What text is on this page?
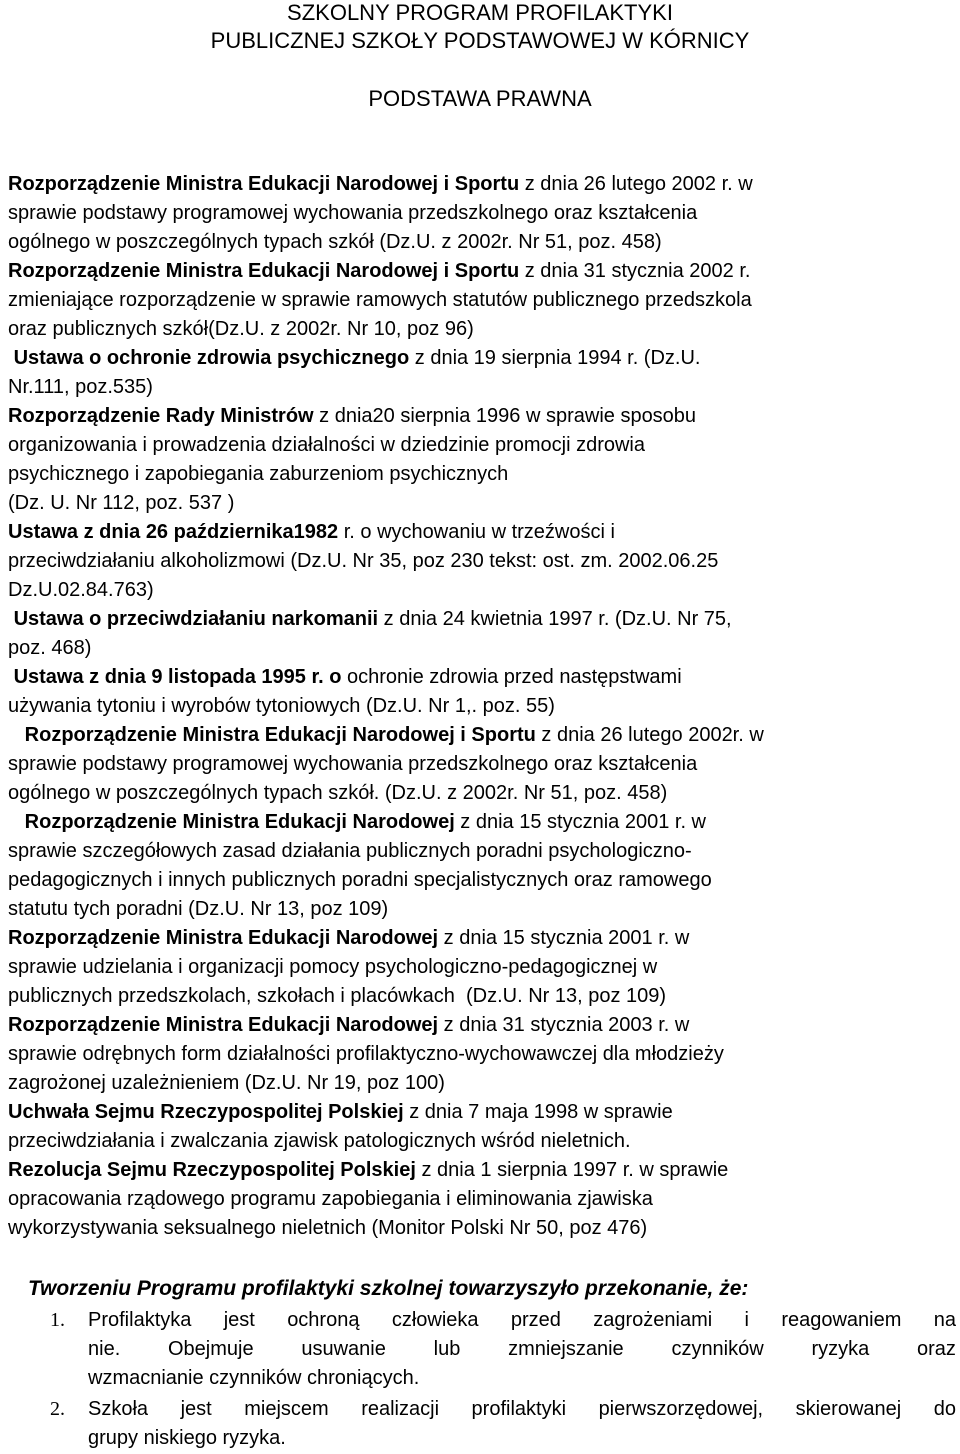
SZKOLNY PROGRAM PROFILAKTYKI
PUBLICZNEJ SZKOŁY PODSTAWOWEJ W KÓRNICY
PODSTAWA PRAWNA
Rozporządzenie Ministra Edukacji Narodowej i Sportu z dnia 26 lutego 2002 r. w
sprawie podstawy programowej wychowania przedszkolnego oraz kształcenia
ogólnego w poszczególnych typach szkół (Dz.U. z 2002r. Nr 51, poz. 458)
Rozporządzenie Ministra Edukacji Narodowej i Sportu z dnia 31 stycznia 2002 r.
zmieniające rozporządzenie w sprawie ramowych statutów publicznego przedszkola
oraz publicznych szkół(Dz.U. z 2002r. Nr 10, poz 96)
Ustawa o ochronie zdrowia psychicznego z dnia 19 sierpnia 1994 r. (Dz.U.
Nr.111, poz.535)
Rozporządzenie Rady Ministrów z dnia20 sierpnia 1996 w sprawie sposobu
organizowania i prowadzenia działalności w dziedzinie promocji zdrowia
psychicznego i zapobiegania zaburzeniom psychicznych
(Dz. U. Nr 112, poz. 537 )
Ustawa z dnia 26 października1982 r. o wychowaniu w trzeźwości i
przeciwdziałaniu alkoholizmowi (Dz.U. Nr 35, poz 230 tekst: ost. zm. 2002.06.25
Dz.U.02.84.763)
Ustawa o przeciwdziałaniu narkomanii z dnia 24 kwietnia 1997 r. (Dz.U. Nr 75,
poz. 468)
Ustawa z dnia 9 listopada 1995 r. o ochronie zdrowia przed następstwami
używania tytoniu i wyrobów tytoniowych (Dz.U. Nr 1,. poz. 55)
Rozporządzenie Ministra Edukacji Narodowej i Sportu z dnia 26 lutego 2002r. w
sprawie podstawy programowej wychowania przedszkolnego oraz kształcenia
ogólnego w poszczególnych typach szkół. (Dz.U. z 2002r. Nr 51, poz. 458)
Rozporządzenie Ministra Edukacji Narodowej z dnia 15 stycznia 2001 r. w
sprawie szczegółowych zasad działania publicznych poradni psychologiczno-
pedagogicznych i innych publicznych poradni specjalistycznych oraz ramowego
statutu tych poradni (Dz.U. Nr 13, poz 109)
Rozporządzenie Ministra Edukacji Narodowej z dnia 15 stycznia 2001 r. w
sprawie udzielania i organizacji pomocy psychologiczno-pedagogicznej w
publicznych przedszkolach, szkołach i placówkach  (Dz.U. Nr 13, poz 109)
Rozporządzenie Ministra Edukacji Narodowej z dnia 31 stycznia 2003 r. w
sprawie odrębnych form działalności profilaktyczno-wychowawczej dla młodzieży
zagrożonej uzależnieniem (Dz.U. Nr 19, poz 100)
Uchwała Sejmu Rzeczypospolitej Polskiej z dnia 7 maja 1998 w sprawie
przeciwdziałania i zwalczania zjawisk patologicznych wśród nieletnich.
Rezolucja Sejmu Rzeczypospolitej Polskiej z dnia 1 sierpnia 1997 r. w sprawie
opracowania rządowego programu zapobiegania i eliminowania zjawiska
wykorzystywania seksualnego nieletnich (Monitor Polski Nr 50, poz 476)
Tworzeniu Programu profilaktyki szkolnej towarzyszyło przekonanie, że:
1. Profilaktyka jest ochroną człowieka przed zagrożeniami i reagowaniem na
nie. Obejmuje usuwanie lub zmniejszanie czynników ryzyka oraz
wzmacnianie czynników chroniących.
2. Szkoła jest miejscem realizacji profilaktyki pierwszorzędowej, skierowanej do
grupy niskiego ryzyka.
